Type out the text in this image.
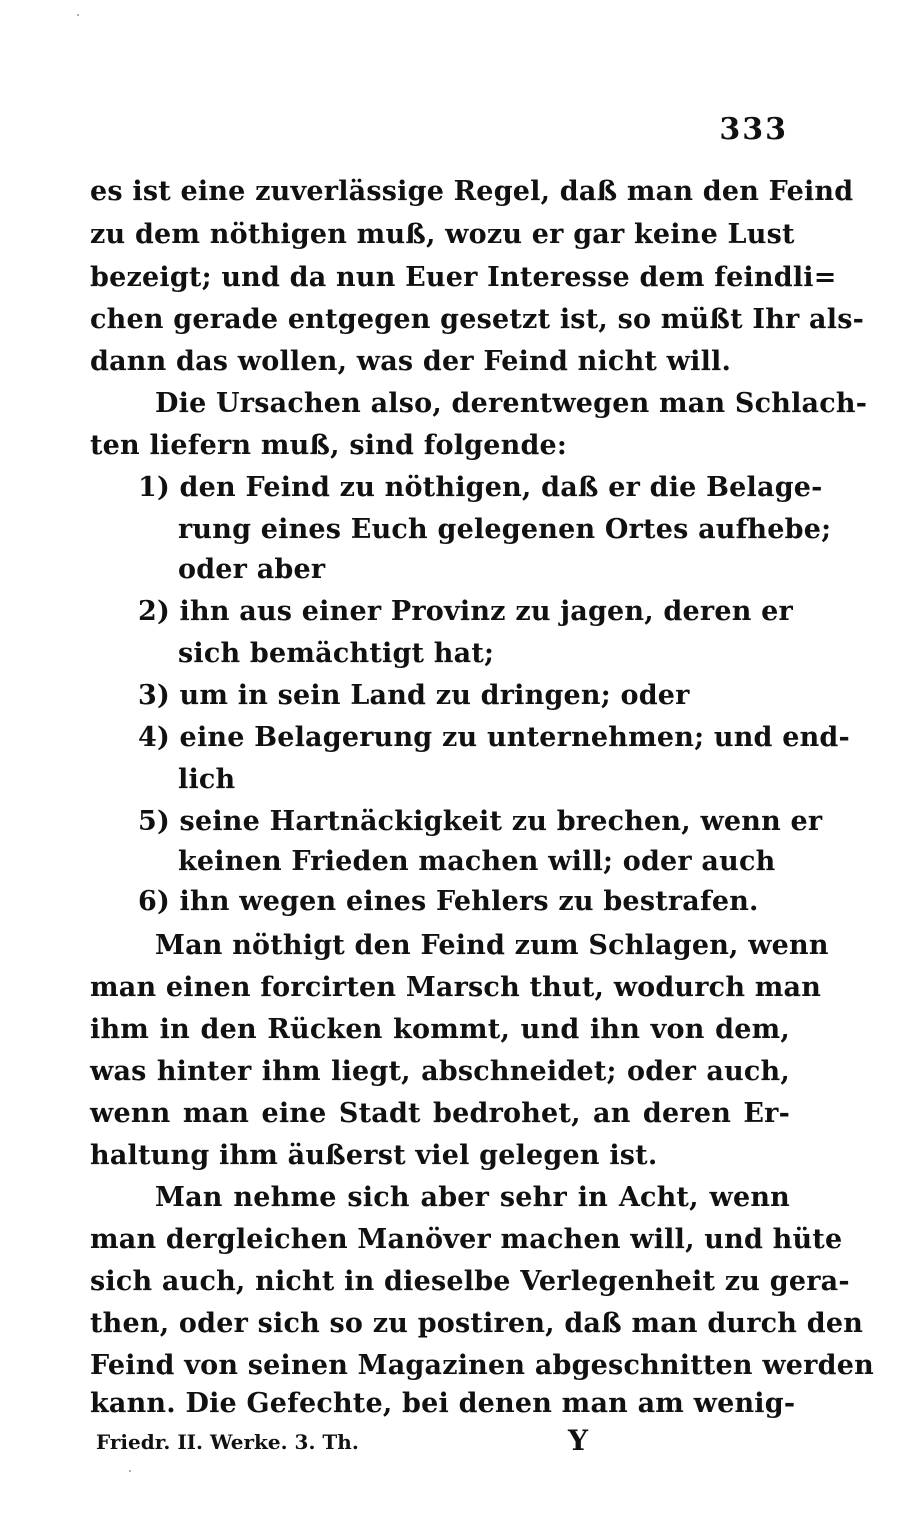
333
es ist eine zuverlässige Regel, daß man den Feind
zu dem nöthigen muß, wozu er gar keine Lust
bezeigt; und da nun Euer Interesse dem feindli=
chen gerade entgegen gesetzt ist, so müßt Ihr als-
dann das wollen, was der Feind nicht will.
Die Ursachen also, derentwegen man Schlach-
ten liefern muß, sind folgende:
1) den Feind zu nöthigen, daß er die Belage-
rung eines Euch gelegenen Ortes aufhebe;
oder aber
2) ihn aus einer Provinz zu jagen, deren er
sich bemächtigt hat;
3) um in sein Land zu dringen; oder
4) eine Belagerung zu unternehmen; und end-
lich
5) seine Hartnäckigkeit zu brechen, wenn er
keinen Frieden machen will; oder auch
6) ihn wegen eines Fehlers zu bestrafen.
Man nöthigt den Feind zum Schlagen, wenn
man einen forcirten Marsch thut, wodurch man
ihm in den Rücken kommt, und ihn von dem,
was hinter ihm liegt, abschneidet; oder auch,
wenn man eine Stadt bedrohet, an deren Er-
haltung ihm äußerst viel gelegen ist.
Man nehme sich aber sehr in Acht, wenn
man dergleichen Manöver machen will, und hüte
sich auch, nicht in dieselbe Verlegenheit zu gera-
then, oder sich so zu postiren, daß man durch den
Feind von seinen Magazinen abgeschnitten werden
kann. Die Gefechte, bei denen man am wenig-
Friedr. II. Werke. 3. Th.	Y
